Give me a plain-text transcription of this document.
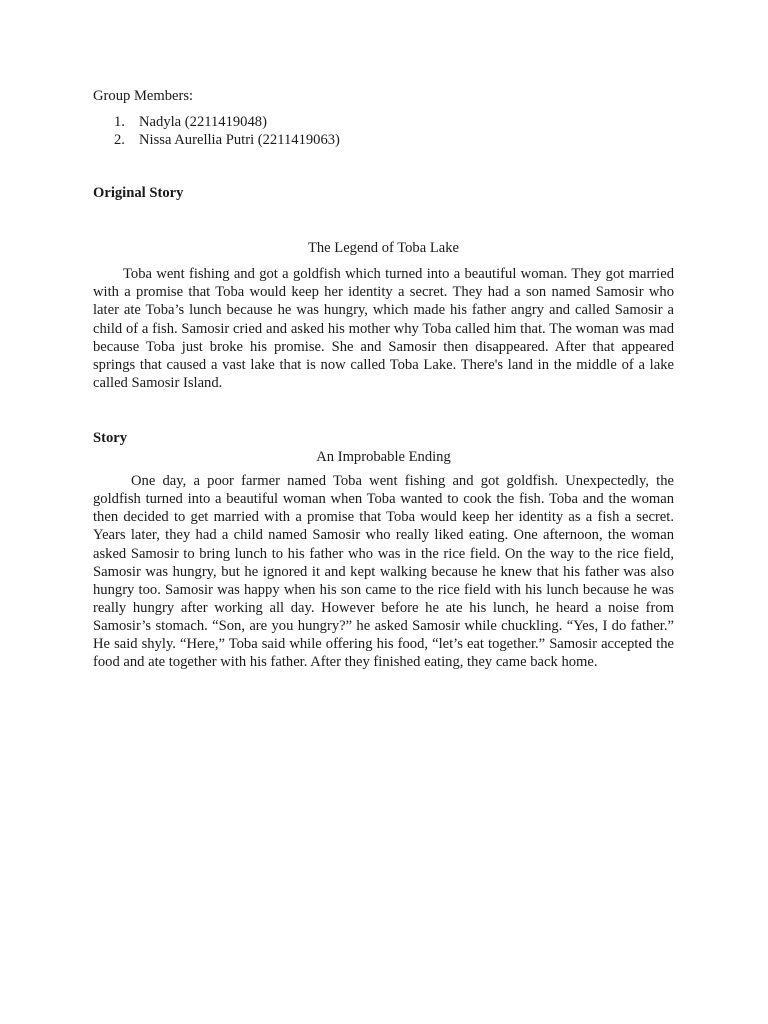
Group Members:

1. Nadyla (2211419048)
2. Nissa Aurellia Putri (2211419063)

Original Story

The Legend of Toba Lake

Toba went fishing and got a goldfish which turned into a beautiful woman. They got married with a promise that Toba would keep her identity a secret. They had a son named Samosir who later ate Toba’s lunch because he was hungry, which made his father angry and called Samosir a child of a fish. Samosir cried and asked his mother why Toba called him that. The woman was mad because Toba just broke his promise. She and Samosir then disappeared. After that appeared springs that caused a vast lake that is now called Toba Lake. There's land in the middle of a lake called Samosir Island.

Story

An Improbable Ending

One day, a poor farmer named Toba went fishing and got goldfish. Unexpectedly, the goldfish turned into a beautiful woman when Toba wanted to cook the fish. Toba and the woman then decided to get married with a promise that Toba would keep her identity as a fish a secret. Years later, they had a child named Samosir who really liked eating. One afternoon, the woman asked Samosir to bring lunch to his father who was in the rice field. On the way to the rice field, Samosir was hungry, but he ignored it and kept walking because he knew that his father was also hungry too. Samosir was happy when his son came to the rice field with his lunch because he was really hungry after working all day. However before he ate his lunch, he heard a noise from Samosir’s stomach. “Son, are you hungry?” he asked Samosir while chuckling. “Yes, I do father.” He said shyly. “Here,” Toba said while offering his food, “let’s eat together.” Samosir accepted the food and ate together with his father. After they finished eating, they came back home.
